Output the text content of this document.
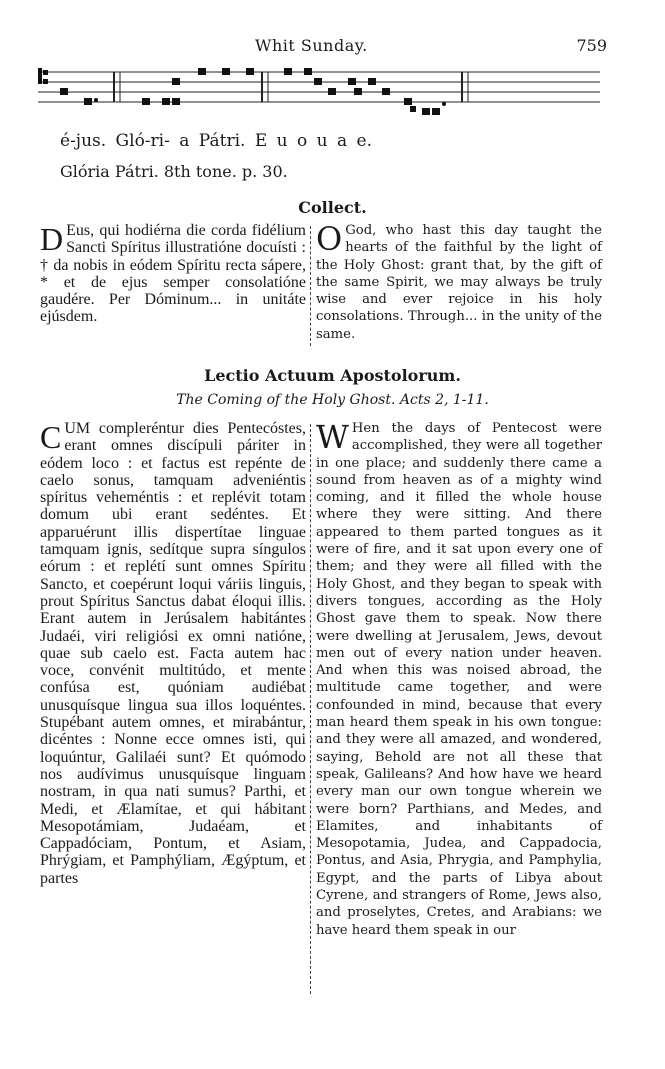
Whit Sunday.	759
é-jus. Gló-ri- a Pátri. E u o u a e.
Glória Pátri. 8th tone. p. 30.
Collect.

DEus, qui hodiérna die corda fidélium Sancti Spíritus illustratióne docuísti : † da nobis in eódem Spíritu recta sápere, * et de ejus semper consolatióne gaudére. Per Dóminum... in unitáte ejúsdem.

OGod, who hast this day taught the hearts of the faithful by the light of the Holy Ghost: grant that, by the gift of the same Spirit, we may always be truly wise and ever rejoice in his holy consolations. Through... in the unity of the same.

Lectio Actuum Apostolorum.
The Coming of the Holy Ghost. Acts 2, 1-11.

CUM compleréntur dies Pentecóstes, erant omnes discípuli páriter in eódem loco : et factus est repénte de caelo sonus, tamquam adveniéntis spíritus veheméntis : et replévit totam domum ubi erant sedéntes. Et apparuérunt illis dispertítae linguae tamquam ignis, sedítque supra síngulos eórum : et replétí sunt omnes Spíritu Sancto, et coepérunt loqui váriis linguis, prout Spíritus Sanctus dabat éloqui illis. Erant autem in Jerúsalem habitántes Judaéi, viri religiósi ex omni natióne, quae sub caelo est. Facta autem hac voce, convénit multitúdo, et mente confúsa est, quóniam audiébat unusquísque lingua sua illos loquéntes. Stupébant autem omnes, et mirabántur, dicéntes : Nonne ecce omnes isti, qui loquúntur, Galilaéi sunt? Et quómodo nos audívimus unusquísque linguam nostram, in qua nati sumus? Parthi, et Medi, et Ælamítae, et qui hábitant Mesopotámiam, Judaéam, et Cappadóciam, Pontum, et Asiam, Phrýgiam, et Pamphýliam, Ægýptum, et partes

WHen the days of Pentecost were accomplished, they were all together in one place; and suddenly there came a sound from heaven as of a mighty wind coming, and it filled the whole house where they were sitting. And there appeared to them parted tongues as it were of fire, and it sat upon every one of them; and they were all filled with the Holy Ghost, and they began to speak with divers tongues, according as the Holy Ghost gave them to speak. Now there were dwelling at Jerusalem, Jews, devout men out of every nation under heaven. And when this was noised abroad, the multitude came together, and were confounded in mind, because that every man heard them speak in his own tongue: and they were all amazed, and wondered, saying, Behold are not all these that speak, Galileans? And how have we heard every man our own tongue wherein we were born? Parthians, and Medes, and Elamites, and inhabitants of Mesopotamia, Judea, and Cappadocia, Pontus, and Asia, Phrygia, and Pamphylia, Egypt, and the parts of Libya about Cyrene, and strangers of Rome, Jews also, and proselytes, Cretes, and Arabians: we have heard them speak in our
